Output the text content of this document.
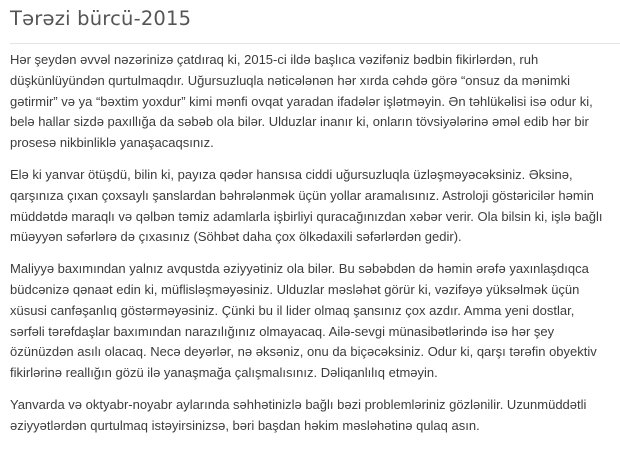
Tərəzi bürcü-2015

Hər şeydən əvvəl nəzərinizə çatdıraq ki, 2015-ci ildə başlıca vəzifəniz bədbin fikirlərdən, ruh düşkünlüyündən qurtulmaqdır. Uğursuzluqla nəticələnən hər xırda cəhdə görə “onsuz da mənimki gətirmir” və ya “bəxtim yoxdur” kimi mənfi ovqat yaradan ifadələr işlətməyin. Ən təhlükəlisi isə odur ki, belə hallar sizdə paxıllığa da səbəb ola bilər. Ulduzlar inanır ki, onların tövsiyələrinə əməl edib hər bir prosesə nikbinliklə yanaşacaqsınız.

Elə ki yanvar ötüşdü, bilin ki, payıza qədər hansısa ciddi uğursuzluqla üzləşməyəcəksiniz. Əksinə, qarşınıza çıxan çoxsaylı şanslardan bəhrələnmək üçün yollar aramalısınız. Astroloji göstəricilər həmin müddətdə maraqlı və qəlbən təmiz adamlarla işbirliyi quracağınızdan xəbər verir. Ola bilsin ki, işlə bağlı müəyyən səfərlərə də çıxasınız (Söhbət daha çox ölkədaxili səfərlərdən gedir).

Maliyyə baxımından yalnız avqustda əziyyətiniz ola bilər. Bu səbəbdən də həmin ərəfə yaxınlaşdıqca büdcənizə qənaət edin ki, müflisləşməyəsiniz. Ulduzlar məsləhət görür ki, vəzifəyə yüksəlmək üçün xüsusi canfəşanlıq göstərməyəsiniz. Çünki bu il lider olmaq şansınız çox azdır. Amma yeni dostlar, sərfəli tərəfdaşlar baxımından narazılığınız olmayacaq. Ailə-sevgi münasibətlərində isə hər şey özünüzdən asılı olacaq. Necə deyərlər, nə əksəniz, onu da biçəcəksiniz. Odur ki, qarşı tərəfin obyektiv fikirlərinə reallığın gözü ilə yanaşmağa çalışmalısınız. Dəliqanlılıq etməyin.

Yanvarda və oktyabr-noyabr aylarında səhhətinizlə bağlı bəzi problemləriniz gözlənilir. Uzunmüddətli əziyyətlərdən qurtulmaq istəyirsinizsə, bəri başdan həkim məsləhətinə qulaq asın.
